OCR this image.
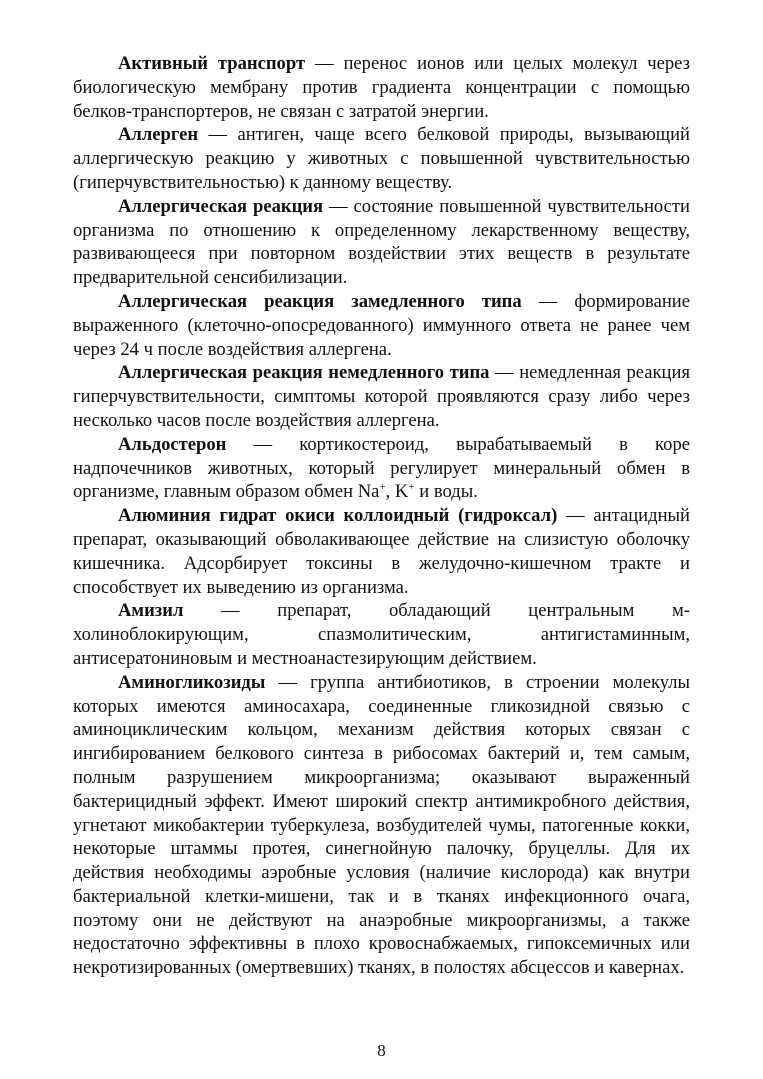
Активный транспорт — перенос ионов или целых молекул через биологическую мембрану против градиента концентрации с помощью белков-транспортеров, не связан с затратой энергии.

Аллерген — антиген, чаще всего белковой природы, вызывающий аллергическую реакцию у животных с повышенной чувствительностью (гиперчувствительностью) к данному веществу.

Аллергическая реакция — состояние повышенной чувствительности организма по отношению к определенному лекарственному веществу, развивающееся при повторном воздействии этих веществ в результате предварительной сенсибилизации.

Аллергическая реакция замедленного типа — формирование выраженного (клеточно-опосредованного) иммунного ответа не ранее чем через 24 ч после воздействия аллергена.

Аллергическая реакция немедленного типа — немедленная реакция гиперчувствительности, симптомы которой проявляются сразу либо через несколько часов после воздействия аллергена.

Альдостерон — кортикостероид, вырабатываемый в коре надпочечников животных, который регулирует минеральный обмен в организме, главным образом обмен Na+, K+ и воды.

Алюминия гидрат окиси коллоидный (гидроксал) — антацидный препарат, оказывающий обволакивающее действие на слизистую оболочку кишечника. Адсорбирует токсины в желудочно-кишечном тракте и способствует их выведению из организма.

Амизил — препарат, обладающий центральным м-холиноблокирующим, спазмолитическим, антигистаминным, антисератониновым и местноанастезирующим действием.

Аминогликозиды — группа антибиотиков, в строении молекулы которых имеются аминосахара, соединенные гликозидной связью с аминоциклическим кольцом, механизм действия которых связан с ингибированием белкового синтеза в рибосомах бактерий и, тем самым, полным разрушением микроорганизма; оказывают выраженный бактерицидный эффект. Имеют широкий спектр антимикробного действия, угнетают микобактерии туберкулеза, возбудителей чумы, патогенные кокки, некоторые штаммы протея, синегнойную палочку, бруцеллы. Для их действия необходимы аэробные условия (наличие кислорода) как внутри бактериальной клетки-мишени, так и в тканях инфекционного очага, поэтому они не действуют на анаэробные микроорганизмы, а также недостаточно эффективны в плохо кровоснабжаемых, гипоксемичных или некротизированных (омертвевших) тканях, в полостях абсцессов и кавернах.

8
